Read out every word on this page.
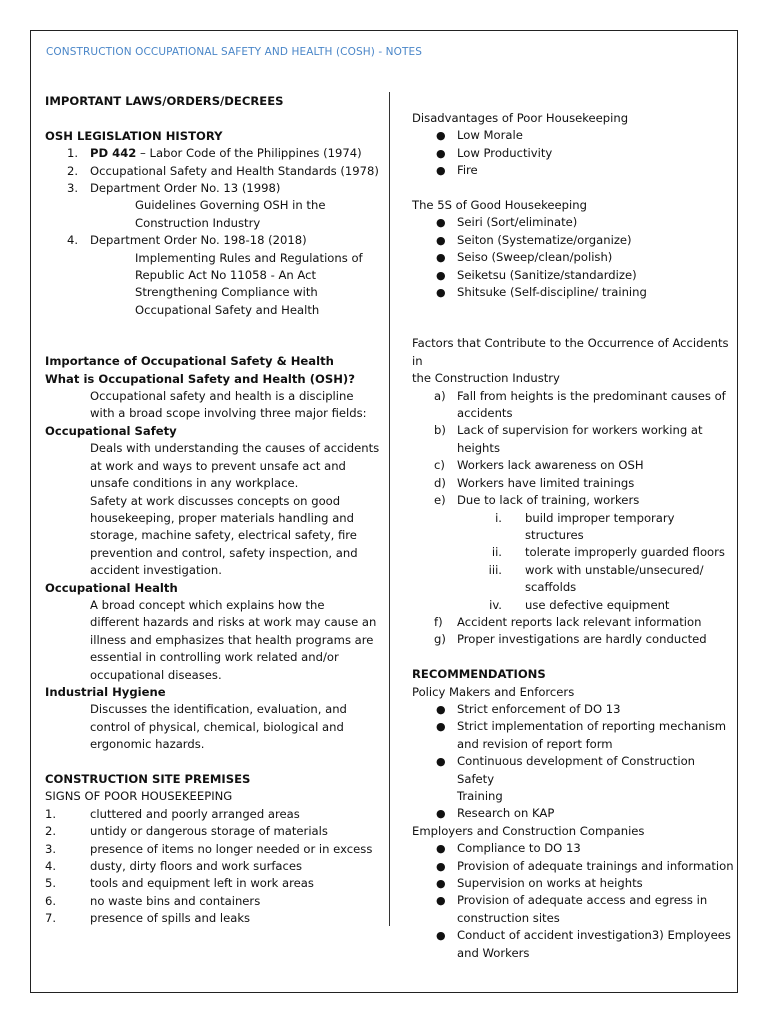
CONSTRUCTION OCCUPATIONAL SAFETY AND HEALTH (COSH) - NOTES
IMPORTANT LAWS/ORDERS/DECREES
OSH LEGISLATION HISTORY
1. PD 442 – Labor Code of the Philippines (1974)
2. Occupational Safety and Health Standards (1978)
3. Department Order No. 13 (1998)
Guidelines Governing OSH in the
Construction Industry
4. Department Order No. 198-18 (2018)
Implementing Rules and Regulations of
Republic Act No 11058 - An Act
Strengthening Compliance with
Occupational Safety and Health
Importance of Occupational Safety & Health
What is Occupational Safety and Health (OSH)?
Occupational safety and health is a discipline
with a broad scope involving three major fields:
Occupational Safety
Deals with understanding the causes of accidents
at work and ways to prevent unsafe act and
unsafe conditions in any workplace.
Safety at work discusses concepts on good
housekeeping, proper materials handling and
storage, machine safety, electrical safety, fire
prevention and control, safety inspection, and
accident investigation.
Occupational Health
A broad concept which explains how the
different hazards and risks at work may cause an
illness and emphasizes that health programs are
essential in controlling work related and/or
occupational diseases.
Industrial Hygiene
Discusses the identification, evaluation, and
control of physical, chemical, biological and
ergonomic hazards.
CONSTRUCTION SITE PREMISES
SIGNS OF POOR HOUSEKEEPING
1.	cluttered and poorly arranged areas
2.	untidy or dangerous storage of materials
3.	presence of items no longer needed or in excess
4.	dusty, dirty floors and work surfaces
5.	tools and equipment left in work areas
6.	no waste bins and containers
7.	presence of spills and leaks
Disadvantages of Poor Housekeeping
● Low Morale
● Low Productivity
● Fire
The 5S of Good Housekeeping
● Seiri (Sort/eliminate)
● Seiton (Systematize/organize)
● Seiso (Sweep/clean/polish)
● Seiketsu (Sanitize/standardize)
● Shitsuke (Self-discipline/ training
Factors that Contribute to the Occurrence of Accidents in
the Construction Industry
a) Fall from heights is the predominant causes of
accidents
b) Lack of supervision for workers working at
heights
c) Workers lack awareness on OSH
d) Workers have limited trainings
e) Due to lack of training, workers
i. build improper temporary structures
ii. tolerate improperly guarded floors
iii. work with unstable/unsecured/
scaffolds
iv. use defective equipment
f) Accident reports lack relevant information
g) Proper investigations are hardly conducted
RECOMMENDATIONS
Policy Makers and Enforcers
● Strict enforcement of DO 13
● Strict implementation of reporting mechanism
and revision of report form
● Continuous development of Construction Safety
Training
● Research on KAP
Employers and Construction Companies
● Compliance to DO 13
● Provision of adequate trainings and information
● Supervision on works at heights
● Provision of adequate access and egress in
construction sites
● Conduct of accident investigation3) Employees
and Workers
